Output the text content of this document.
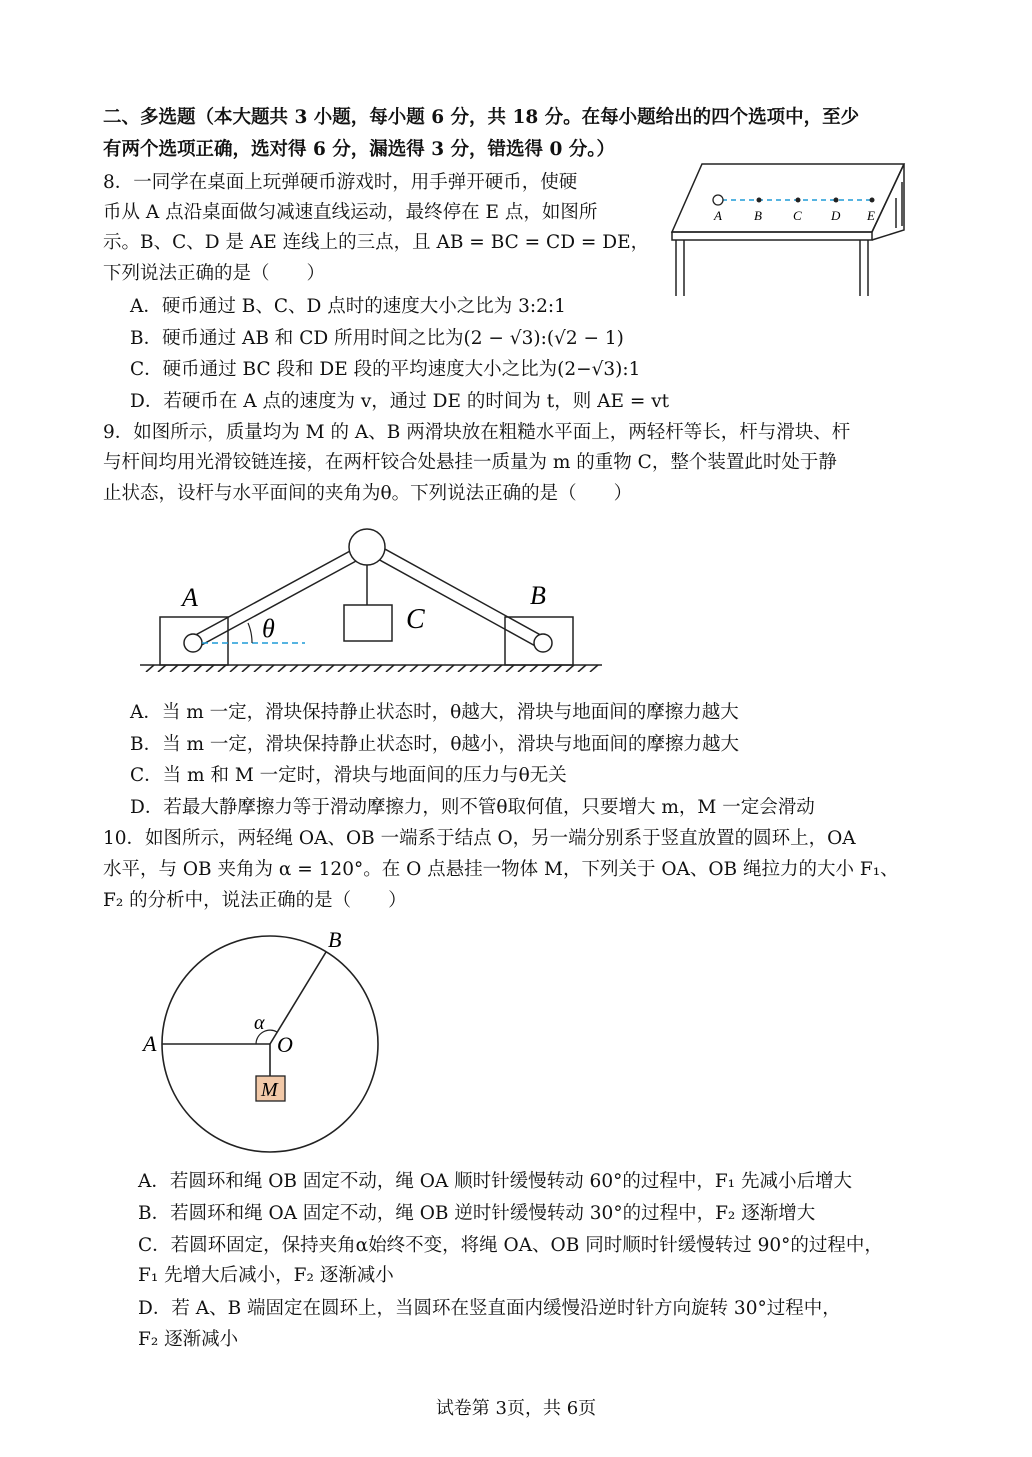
二、多选题（本大题共 3 小题，每小题 6 分，共 18 分。在每小题给出的四个选项中，至少
有两个选项正确，选对得 6 分，漏选得 3 分，错选得 0 分。）
8．一同学在桌面上玩弹硬币游戏时，用手弹开硬币，使硬
币从 A 点沿桌面做匀减速直线运动，最终停在 E 点，如图所
示。B、C、D 是 AE 连线上的三点，且 AB = BC = CD = DE，
下列说法正确的是（　　）
A．硬币通过 B、C、D 点时的速度大小之比为 3:2:1
B．硬币通过 AB 和 CD 所用时间之比为(2 − √3):(√2 − 1)
C．硬币通过 BC 段和 DE 段的平均速度大小之比为(2−√3):1
D．若硬币在 A 点的速度为 v，通过 DE 的时间为 t，则 AE = vt
A B C D E
9．如图所示，质量均为 M 的 A、B 两滑块放在粗糙水平面上，两轻杆等长，杆与滑块、杆
与杆间均用光滑铰链连接，在两杆铰合处悬挂一质量为 m 的重物 C，整个装置此时处于静
止状态，设杆与水平面间的夹角为θ。下列说法正确的是（　　）
A	B
C
θ
A．当 m 一定，滑块保持静止状态时，θ越大，滑块与地面间的摩擦力越大
B．当 m 一定，滑块保持静止状态时，θ越小，滑块与地面间的摩擦力越大
C．当 m 和 M 一定时，滑块与地面间的压力与θ无关
D．若最大静摩擦力等于滑动摩擦力，则不管θ取何值，只要增大 m，M 一定会滑动
10．如图所示，两轻绳 OA、OB 一端系于结点 O，另一端分别系于竖直放置的圆环上，OA
水平，与 OB 夹角为 α = 120°。在 O 点悬挂一物体 M，下列关于 OA、OB 绳拉力的大小 F₁、
F₂ 的分析中，说法正确的是（　　）
B
A	O
α
M
A．若圆环和绳 OB 固定不动，绳 OA 顺时针缓慢转动 60°的过程中，F₁ 先减小后增大
B．若圆环和绳 OA 固定不动，绳 OB 逆时针缓慢转动 30°的过程中，F₂ 逐渐增大
C．若圆环固定，保持夹角α始终不变，将绳 OA、OB 同时顺时针缓慢转过 90°的过程中，
F₁ 先增大后减小，F₂ 逐渐减小
D．若 A、B 端固定在圆环上，当圆环在竖直面内缓慢沿逆时针方向旋转 30°过程中，
F₂ 逐渐减小
试卷第 3页，共 6页
